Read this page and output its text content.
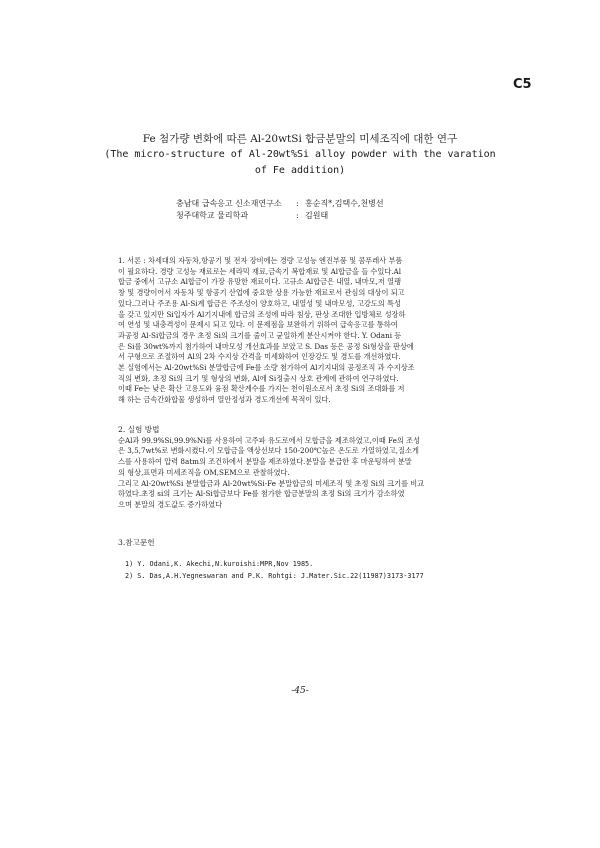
C5
Fe 첨가량 변화에 따른 Al-20wtSi 합금분말의 미세조직에 대한 연구
(The micro-structure of Al-20wt%Si alloy powder with the varation
of Fe addition)
충남대 급속응고 신소재연구소 : 홍순직*,김택수,천병선
청주대학교 물리학과	: 김원태

1. 서론 : 차세대의 자동차,항공기 및 전자 장비에는 경량 고성능 엔진부품 및 콤푸레사 부품

이 필요하다. 경량 고성능 재료로는 세라믹 재료,금속기 복합재료 및 Al합금을 들 수있다.Al

합금 중에서 고규소 Al합금이 가장 유망한 재료이다. 고규소 Al합금은 내열, 내마모,저 열팽

창 및 경량이어서 자동차 및 항공기 산업에 중요한 상용 가능한 재료로서 관심의 대상이 되고

있다.그러나 주조용 Al-Si계 합금은 주조성이 양호하고, 내열성 및 내마모성, 고강도의 특성

을 갖고 있지만 Si입자가 Al기지내에 합금의 조성에 따라 침상, 판상 조대한 입방체로 성장하

여 연성 및 내충격성이 문제시 되고 있다. 이 문제점을 보완하기 위하여 급속응고를 통하여

과공정 Al-Si합금의 경우 초정 Si의 크기를 줄이고 균일하게 분산시켜야 한다. Y. Odani 등

은 Si를 30wt%까지 첨가하여 내마모성 개선효과를 보았고 S. Das 등은 공정 Si형상을 판상에

서 구형으로 조절하여 Al의 2차 수지상 간격을 미세화하여 인장강도 및 경도를 개선하였다.

본 실험에서는 Al-20wt%Si 분말합금에 Fe를 소량 첨가하여 Al기지내의 공정조직 과 수지상조

직의 변화, 초정 Si의 크기 및 형상의 변화, Al에 Si정출시 상호 관계에 관하여 연구하였다.

이때 Fe는 낮은 확산 고용도와 융점 확산계수를 가지는 천이원소로서 초정 Si의 조대화를 저

해 하는 금속간화합물 생성하여 열안정성과 경도개선에 목적이 있다.

2. 실험 방법

순Al과 99.9%Si,99.9%Ni를 사용하여 고주파 유도로에서 모합금을 제조하였고,이때 Fe의 조성

은 3,5,7wt%로 변화시켰다.이 모합금을 액상선보다 150-200℃높은 온도로 가열하였고,질소게

스를 사용하여 압력 8atm의 조건하에서 분말을 제조하였다.분말을 분급한 후 마운팅하여 분말

의 형상,표면과 미세조직을 OM,SEM으로 관찰하였다.

그리고 Al-20wt%Si 분말합금과 Al-20wt%Si-Fe 분말합금의 미세조직 및 초정 Si의 크기를 비교

하였다.초정 si의 크기는 Al-Si합금보다 Fe를 첨가한 합금분말의 초정 Si의 크기가 감소하였

으며 분말의 경도값도 증가하였다

3.참고문헌

1) Y. Odani,K. Akechi,N.kuroishi:MPR,Nov 1985.
2) S. Das,A.H.Yegneswaran and P.K. Rohtgi: J.Mater.Sic.22(11987)3173-3177
-45-
